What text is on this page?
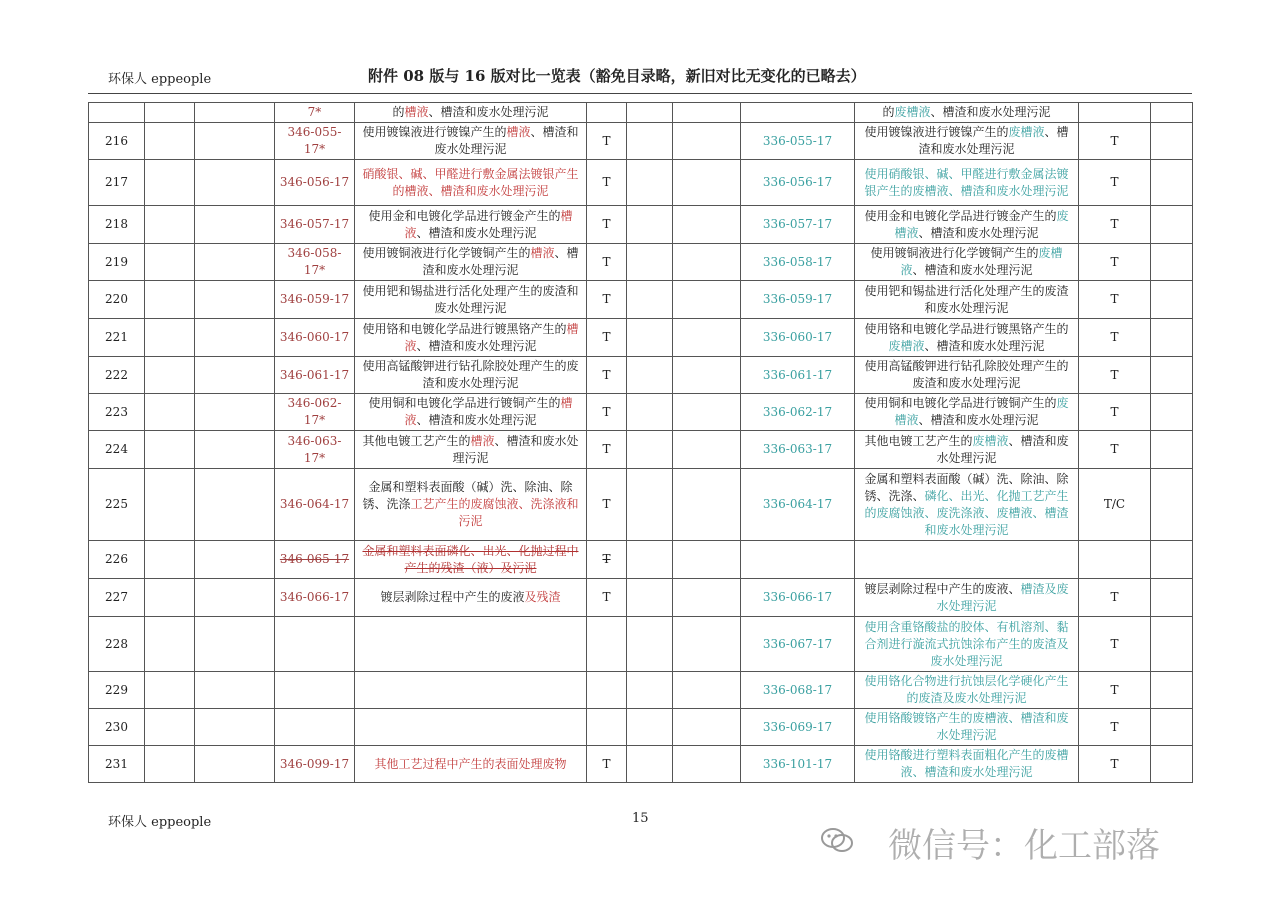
环保人 eppeople	附件 08 版与 16 版对比一览表（豁免目录略，新旧对比无变化的已略去）
			7*	的槽液、槽渣和废水处理污泥					的废槽液、槽渣和废水处理污泥		
216			346-055-17*	使用镀镍液进行镀镍产生的槽液、槽渣和废水处理污泥	T			336-055-17	使用镀镍液进行镀镍产生的废槽液、槽渣和废水处理污泥	T	
217			346-056-17	硝酸银、碱、甲醛进行敷金属法镀银产生的槽液、槽渣和废水处理污泥	T			336-056-17	使用硝酸银、碱、甲醛进行敷金属法镀银产生的废槽液、槽渣和废水处理污泥	T	
218			346-057-17	使用金和电镀化学品进行镀金产生的槽液、槽渣和废水处理污泥	T			336-057-17	使用金和电镀化学品进行镀金产生的废槽液、槽渣和废水处理污泥	T	
219			346-058-17*	使用镀铜液进行化学镀铜产生的槽液、槽渣和废水处理污泥	T			336-058-17	使用镀铜液进行化学镀铜产生的废槽液、槽渣和废水处理污泥	T	
220			346-059-17	使用钯和锡盐进行活化处理产生的废渣和废水处理污泥	T			336-059-17	使用钯和锡盐进行活化处理产生的废渣和废水处理污泥	T	
221			346-060-17	使用铬和电镀化学品进行镀黑铬产生的槽液、槽渣和废水处理污泥	T			336-060-17	使用铬和电镀化学品进行镀黑铬产生的废槽液、槽渣和废水处理污泥	T	
222			346-061-17	使用高锰酸钾进行钻孔除胶处理产生的废渣和废水处理污泥	T			336-061-17	使用高锰酸钾进行钻孔除胶处理产生的废渣和废水处理污泥	T	
223			346-062-17*	使用铜和电镀化学品进行镀铜产生的槽液、槽渣和废水处理污泥	T			336-062-17	使用铜和电镀化学品进行镀铜产生的废槽液、槽渣和废水处理污泥	T	
224			346-063-17*	其他电镀工艺产生的槽液、槽渣和废水处理污泥	T			336-063-17	其他电镀工艺产生的废槽液、槽渣和废水处理污泥	T	
225			346-064-17	金属和塑料表面酸（碱）洗、除油、除锈、洗涤工艺产生的废腐蚀液、洗涤液和污泥	T			336-064-17	金属和塑料表面酸（碱）洗、除油、除锈、洗涤、磷化、出光、化抛工艺产生的废腐蚀液、废洗涤液、废槽液、槽渣和废水处理污泥	T/C	
226			346-065-17	金属和塑料表面磷化、出光、化抛过程中产生的残渣（液）及污泥	T						
227			346-066-17	镀层剥除过程中产生的废液及残渣	T			336-066-17	镀层剥除过程中产生的废液、槽渣及废水处理污泥	T	
228								336-067-17	使用含重铬酸盐的胶体、有机溶剂、黏合剂进行漩流式抗蚀涂布产生的废渣及废水处理污泥	T	
229								336-068-17	使用铬化合物进行抗蚀层化学硬化产生的废渣及废水处理污泥	T	
230								336-069-17	使用铬酸镀铬产生的废槽液、槽渣和废水处理污泥	T	
231			346-099-17	其他工艺过程中产生的表面处理废物	T			336-101-17	使用铬酸进行塑料表面粗化产生的废槽液、槽渣和废水处理污泥	T	
环保人 eppeople	15
微信号：化工部落
